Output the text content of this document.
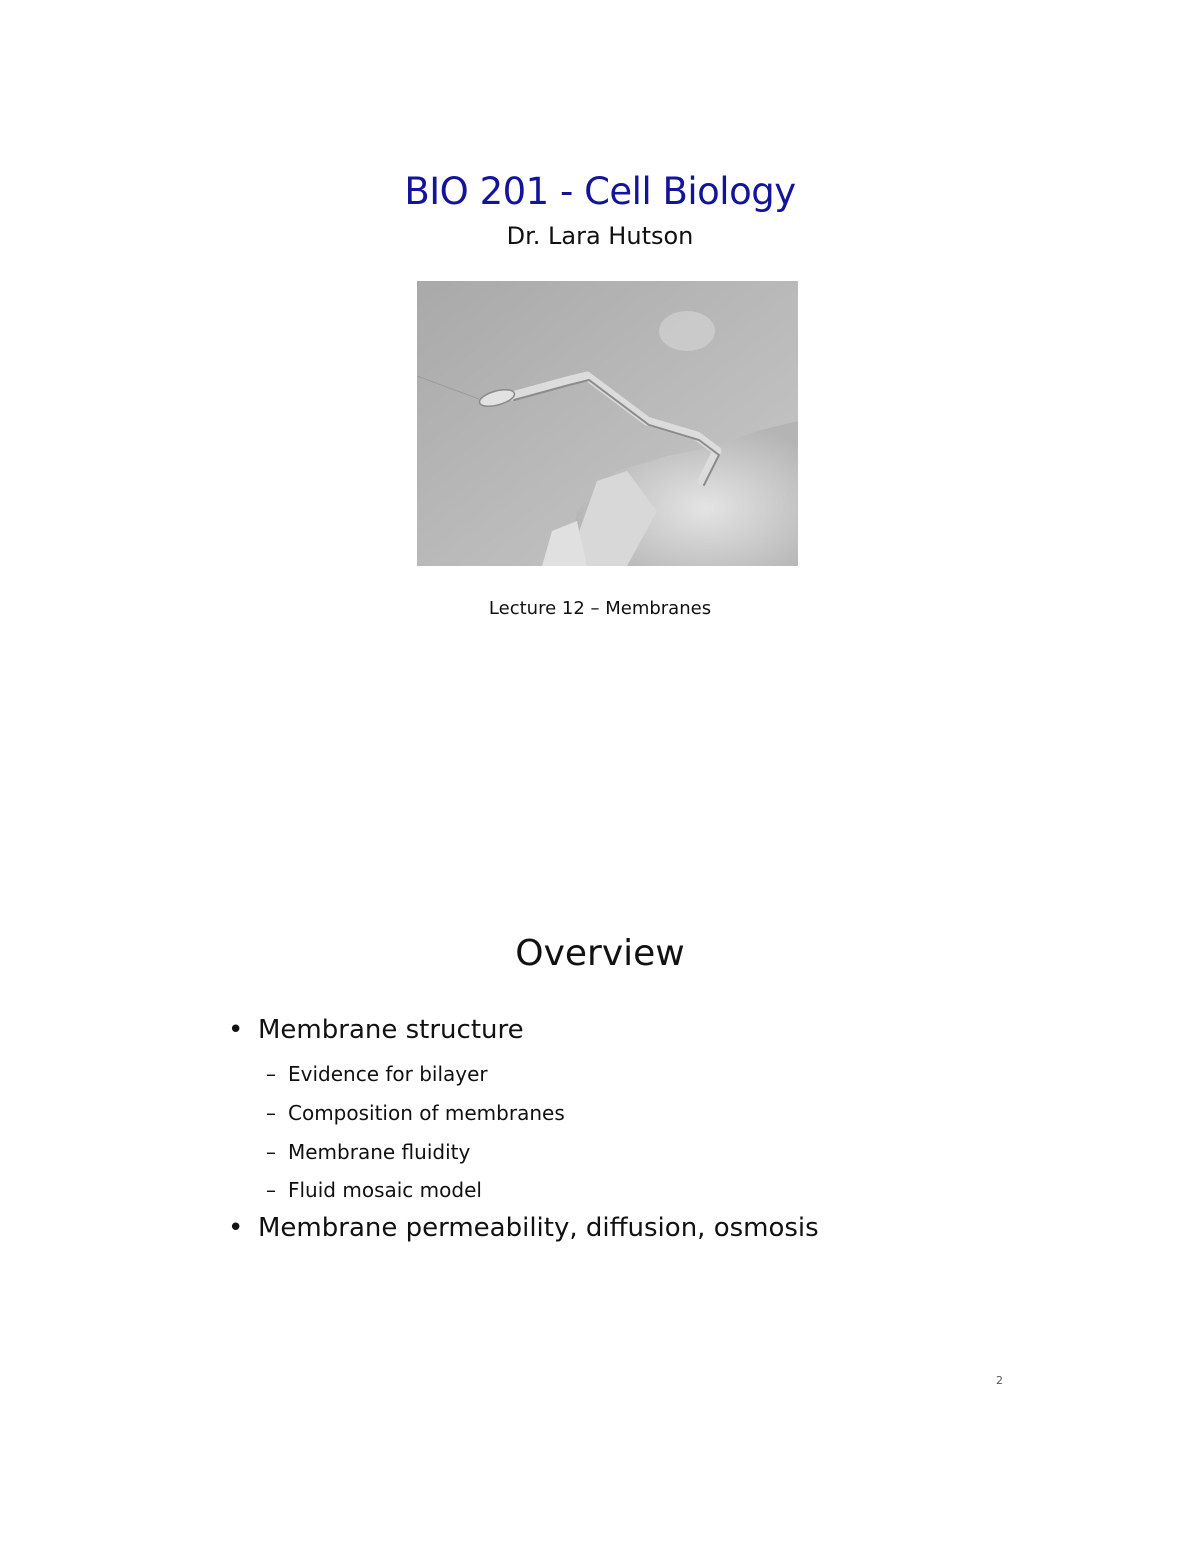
BIO 201 - Cell Biology
Dr. Lara Hutson
Lecture 12 – Membranes
Overview
• Membrane structure
– Evidence for bilayer
– Composition of membranes
– Membrane fluidity
– Fluid mosaic model
• Membrane permeability, diffusion, osmosis
2
